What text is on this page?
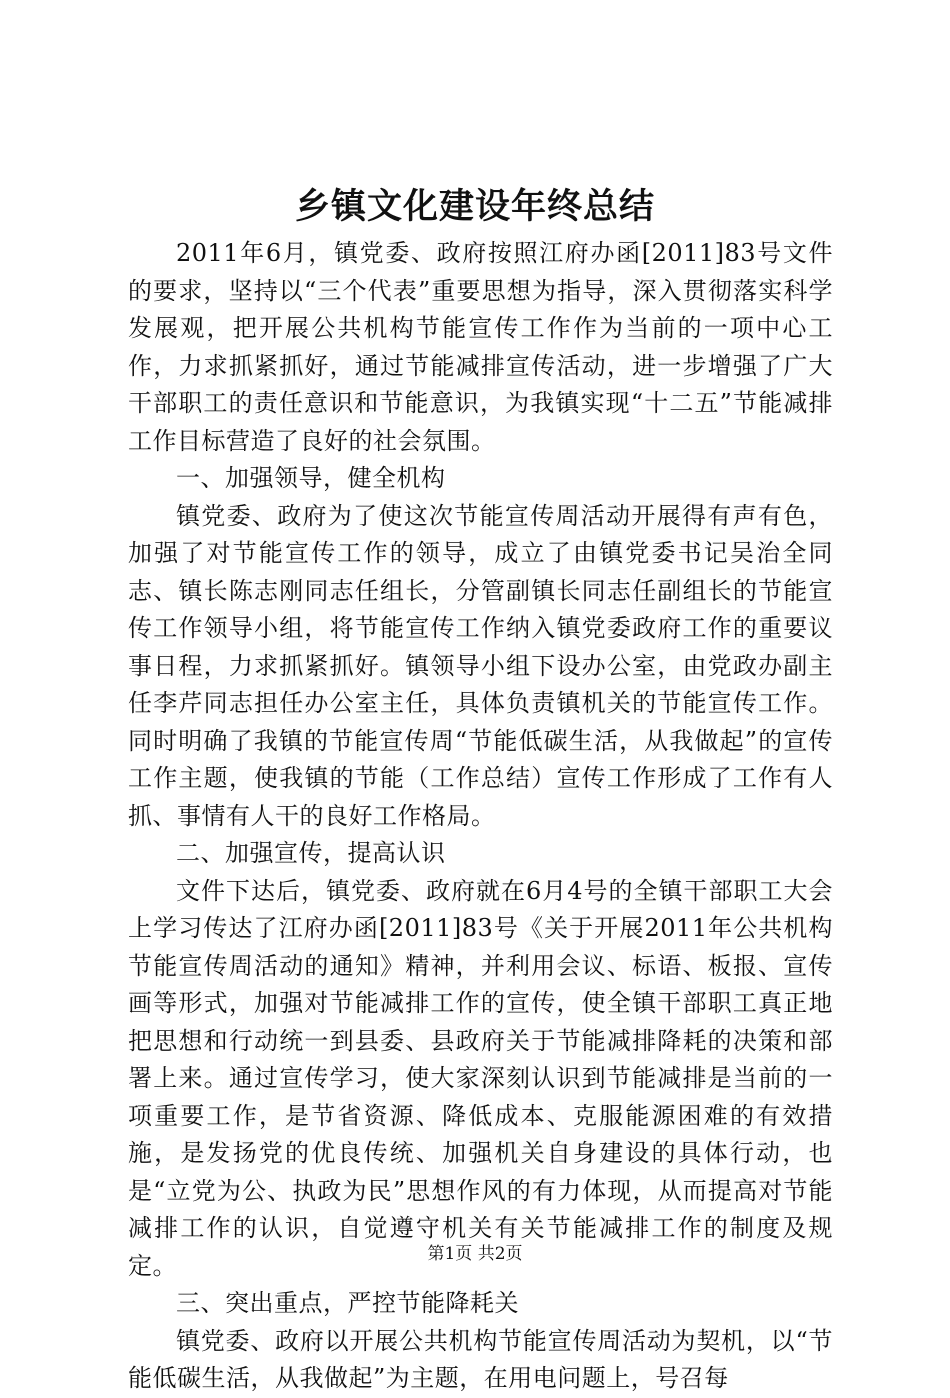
乡镇文化建设年终总结

2011年6月，镇党委、政府按照江府办函[2011]83号文件的要求，坚持以“三个代表”重要思想为指导，深入贯彻落实科学发展观，把开展公共机构节能宣传工作作为当前的一项中心工作，力求抓紧抓好，通过节能减排宣传活动，进一步增强了广大干部职工的责任意识和节能意识，为我镇实现“十二五”节能减排工作目标营造了良好的社会氛围。

一、加强领导，健全机构

镇党委、政府为了使这次节能宣传周活动开展得有声有色，加强了对节能宣传工作的领导，成立了由镇党委书记吴治全同志、镇长陈志刚同志任组长，分管副镇长同志任副组长的节能宣传工作领导小组，将节能宣传工作纳入镇党委政府工作的重要议事日程，力求抓紧抓好。镇领导小组下设办公室，由党政办副主任李芹同志担任办公室主任，具体负责镇机关的节能宣传工作。同时明确了我镇的节能宣传周“节能低碳生活，从我做起”的宣传工作主题，使我镇的节能（工作总结）宣传工作形成了工作有人抓、事情有人干的良好工作格局。

二、加强宣传，提高认识

文件下达后，镇党委、政府就在6月4号的全镇干部职工大会上学习传达了江府办函[2011]83号《关于开展2011年公共机构节能宣传周活动的通知》精神，并利用会议、标语、板报、宣传画等形式，加强对节能减排工作的宣传，使全镇干部职工真正地把思想和行动统一到县委、县政府关于节能减排降耗的决策和部署上来。通过宣传学习，使大家深刻认识到节能减排是当前的一项重要工作，是节省资源、降低成本、克服能源困难的有效措施，是发扬党的优良传统、加强机关自身建设的具体行动，也是“立党为公、执政为民”思想作风的有力体现，从而提高对节能减排工作的认识，自觉遵守机关有关节能减排工作的制度及规定。

三、突出重点，严控节能降耗关

镇党委、政府以开展公共机构节能宣传周活动为契机，以“节能低碳生活，从我做起”为主题，在用电问题上，号召每

第1页 共2页
